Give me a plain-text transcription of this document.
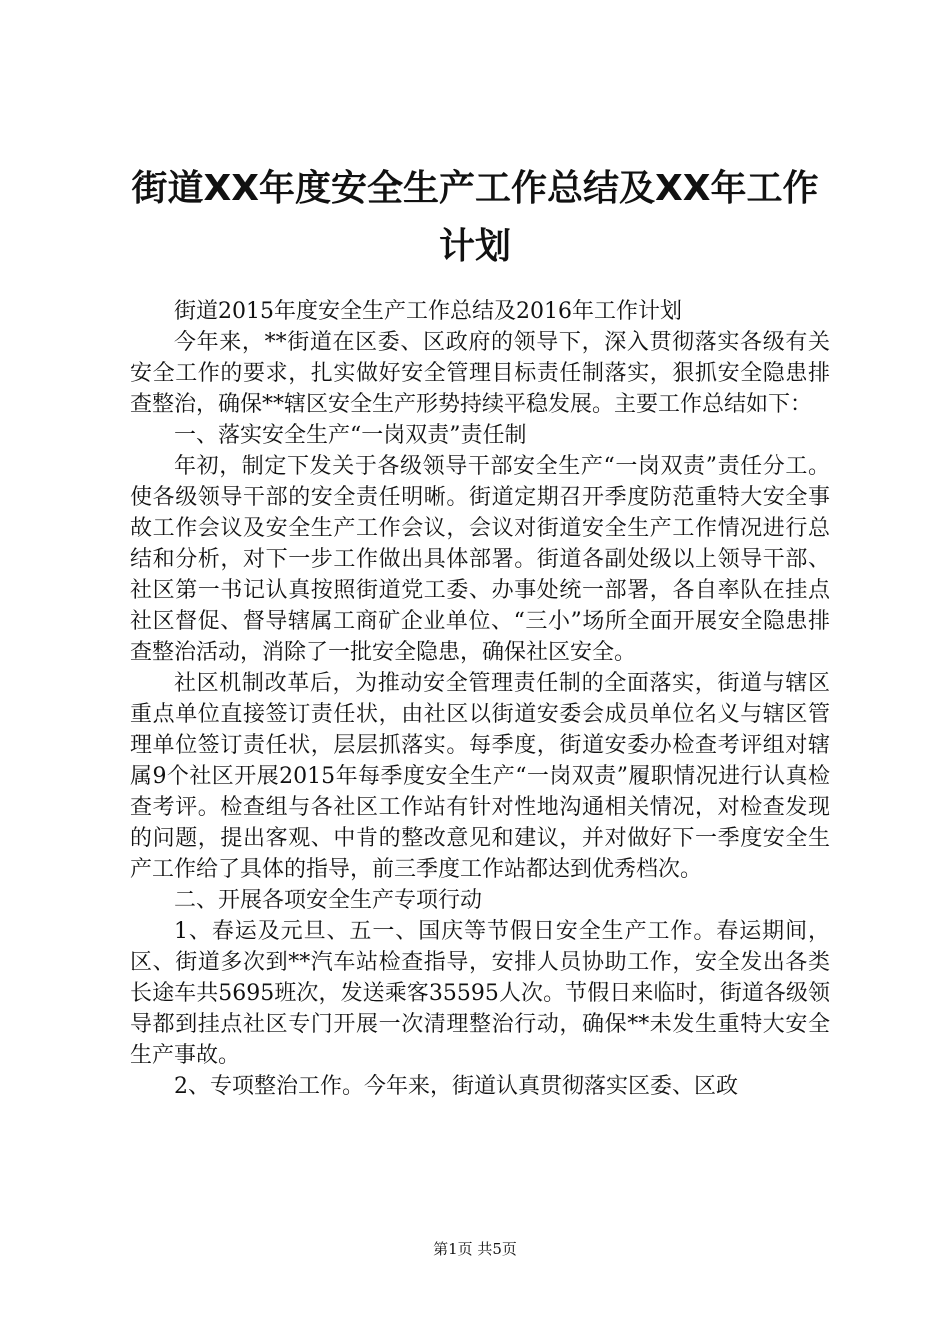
街道XX年度安全生产工作总结及XX年工作计划

街道2015年度安全生产工作总结及2016年工作计划

今年来，**街道在区委、区政府的领导下，深入贯彻落实各级有关安全工作的要求，扎实做好安全管理目标责任制落实，狠抓安全隐患排查整治，确保**辖区安全生产形势持续平稳发展。主要工作总结如下：

一、落实安全生产“一岗双责”责任制

年初，制定下发关于各级领导干部安全生产“一岗双责”责任分工。使各级领导干部的安全责任明晰。街道定期召开季度防范重特大安全事故工作会议及安全生产工作会议，会议对街道安全生产工作情况进行总结和分析，对下一步工作做出具体部署。街道各副处级以上领导干部、社区第一书记认真按照街道党工委、办事处统一部署，各自率队在挂点社区督促、督导辖属工商矿企业单位、“三小”场所全面开展安全隐患排查整治活动，消除了一批安全隐患，确保社区安全。

社区机制改革后，为推动安全管理责任制的全面落实，街道与辖区重点单位直接签订责任状，由社区以街道安委会成员单位名义与辖区管理单位签订责任状，层层抓落实。每季度，街道安委办检查考评组对辖属9个社区开展2015年每季度安全生产“一岗双责”履职情况进行认真检查考评。检查组与各社区工作站有针对性地沟通相关情况，对检查发现的问题，提出客观、中肯的整改意见和建议，并对做好下一季度安全生产工作给了具体的指导，前三季度工作站都达到优秀档次。

二、开展各项安全生产专项行动

1、春运及元旦、五一、国庆等节假日安全生产工作。春运期间，区、街道多次到**汽车站检查指导，安排人员协助工作，安全发出各类长途车共5695班次，发送乘客35595人次。节假日来临时，街道各级领导都到挂点社区专门开展一次清理整治行动，确保**未发生重特大安全生产事故。

2、专项整治工作。今年来，街道认真贯彻落实区委、区政

第1页 共5页
